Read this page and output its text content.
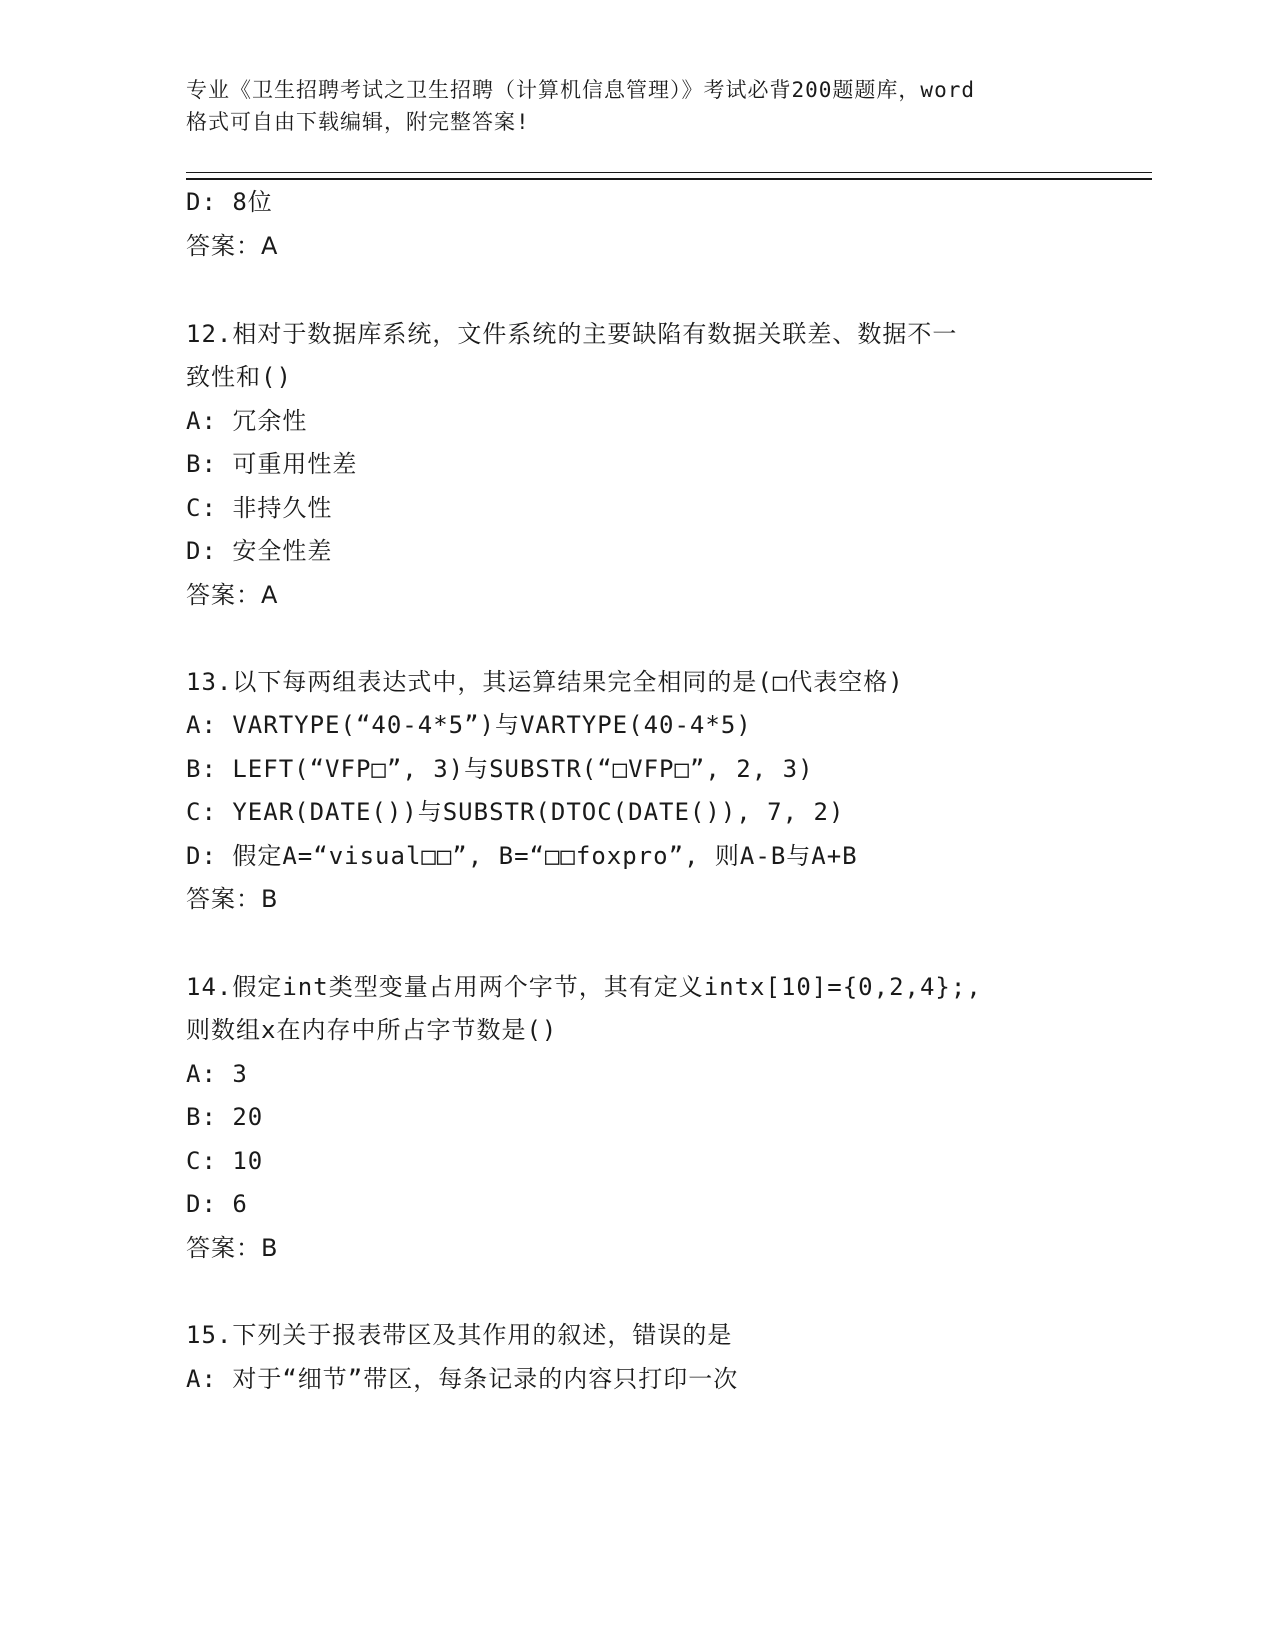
专业《卫生招聘考试之卫生招聘（计算机信息管理）》考试必背200题题库，word
格式可自由下载编辑，附完整答案!
D: 8位
答案：A
12.相对于数据库系统，文件系统的主要缺陷有数据关联差、数据不一
致性和()
A: 冗余性
B: 可重用性差
C: 非持久性
D: 安全性差
答案：A
13.以下每两组表达式中，其运算结果完全相同的是(□代表空格)
A: VARTYPE(“40-4*5”)与VARTYPE(40-4*5)
B: LEFT(“VFP□”, 3)与SUBSTR(“□VFP□”, 2, 3)
C: YEAR(DATE())与SUBSTR(DTOC(DATE()), 7, 2)
D: 假定A=“visual□□”, B=“□□foxpro”, 则A-B与A+B
答案：B
14.假定int类型变量占用两个字节，其有定义intx[10]={0,2,4};,
则数组x在内存中所占字节数是()
A: 3
B: 20
C: 10
D: 6
答案：B
15.下列关于报表带区及其作用的叙述，错误的是
A: 对于“细节”带区，每条记录的内容只打印一次
